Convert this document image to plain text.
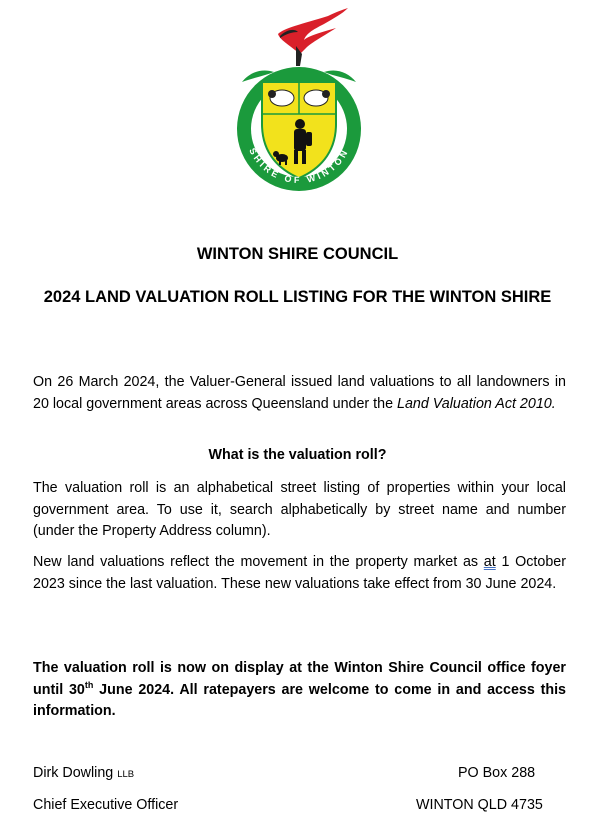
SHIRE OF WINTON
WINTON SHIRE COUNCIL
2024 LAND VALUATION ROLL LISTING FOR THE WINTON SHIRE
On 26 March 2024, the Valuer-General issued land valuations to all landowners in 20 local government areas across Queensland under the Land Valuation Act 2010.
What is the valuation roll?
The valuation roll is an alphabetical street listing of properties within your local government area. To use it, search alphabetically by street name and number (under the Property Address column).
New land valuations reflect the movement in the property market as at 1 October 2023 since the last valuation. These new valuations take effect from 30 June 2024.
The valuation roll is now on display at the Winton Shire Council office foyer until 30th June 2024. All ratepayers are welcome to come in and access this information.
Dirk Dowling LLB
Chief Executive Officer
PO Box 288
WINTON QLD 4735
